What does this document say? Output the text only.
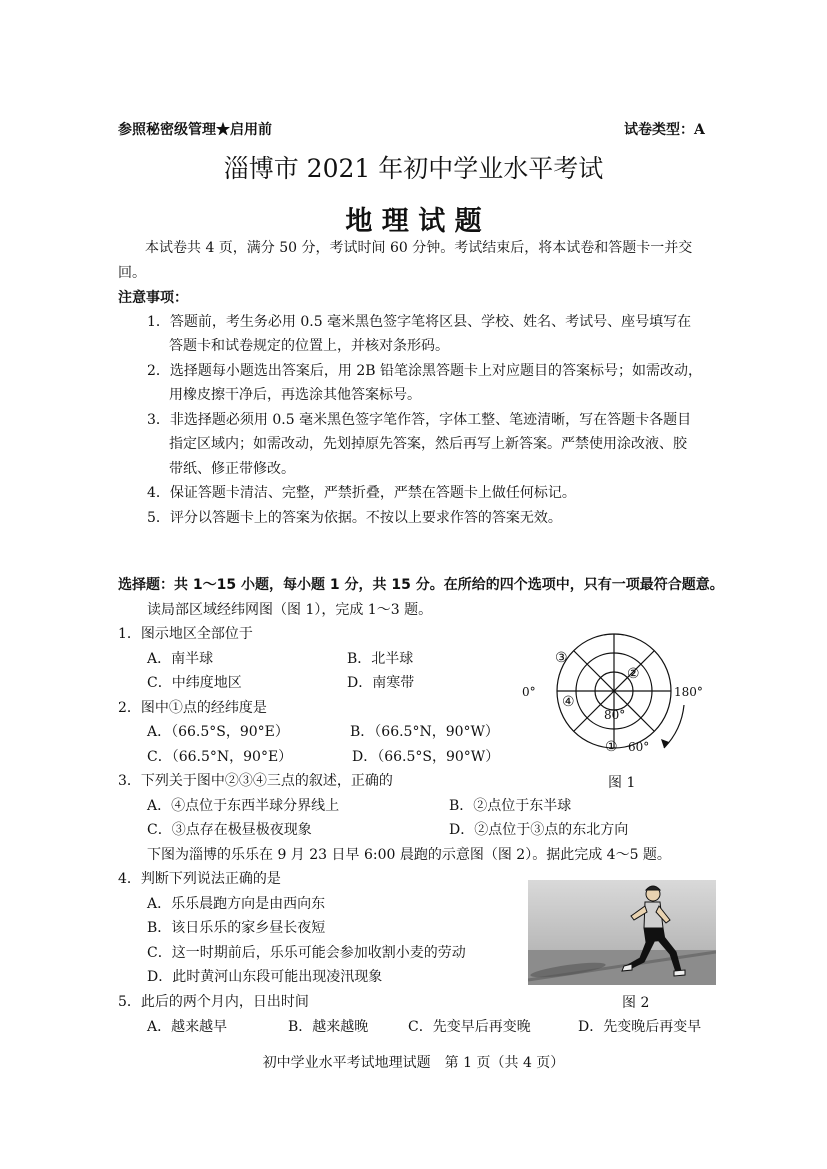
参照秘密级管理★启用前	试卷类型：A
淄博市 2021 年初中学业水平考试
地 理 试 题
本试卷共 4 页，满分 50 分，考试时间 60 分钟。考试结束后，将本试卷和答题卡一并交
回。
注意事项：
1．答题前，考生务必用 0.5 毫米黑色签字笔将区县、学校、姓名、考试号、座号填写在
答题卡和试卷规定的位置上，并核对条形码。
2．选择题每小题选出答案后，用 2B 铅笔涂黑答题卡上对应题目的答案标号；如需改动，
用橡皮擦干净后，再选涂其他答案标号。
3．非选择题必须用 0.5 毫米黑色签字笔作答，字体工整、笔迹清晰，写在答题卡各题目
指定区域内；如需改动，先划掉原先答案，然后再写上新答案。严禁使用涂改液、胶
带纸、修正带修改。
4．保证答题卡清洁、完整，严禁折叠，严禁在答题卡上做任何标记。
5．评分以答题卡上的答案为依据。不按以上要求作答的答案无效。
选择题：共 1～15 小题，每小题 1 分，共 15 分。在所给的四个选项中，只有一项最符合题意。
读局部区域经纬网图（图 1），完成 1～3 题。
1．图示地区全部位于
A．南半球	B．北半球
C．中纬度地区	D．南寒带
2．图中①点的经纬度是
A．（66.5°S，90°E）	B．（66.5°N，90°W）
C．（66.5°N，90°E）	D．（66.5°S，90°W）
3．下列关于图中②③④三点的叙述，正确的
A．④点位于东西半球分界线上	B．②点位于东半球
C．③点存在极昼极夜现象	D．②点位于③点的东北方向
下图为淄博的乐乐在 9 月 23 日早 6:00 晨跑的示意图（图 2）。据此完成 4～5 题。
4．判断下列说法正确的是
A．乐乐晨跑方向是由西向东
B．该日乐乐的家乡昼长夜短
C．这一时期前后，乐乐可能会参加收割小麦的劳动
D．此时黄河山东段可能出现凌汛现象
5．此后的两个月内，日出时间
A．越来越早	B．越来越晚	C．先变早后再变晚	D．先变晚后再变早
0°	180°
80°
60°
③
②
④
①
图 1
图 2
初中学业水平考试地理试题　第 1 页（共 4 页）
